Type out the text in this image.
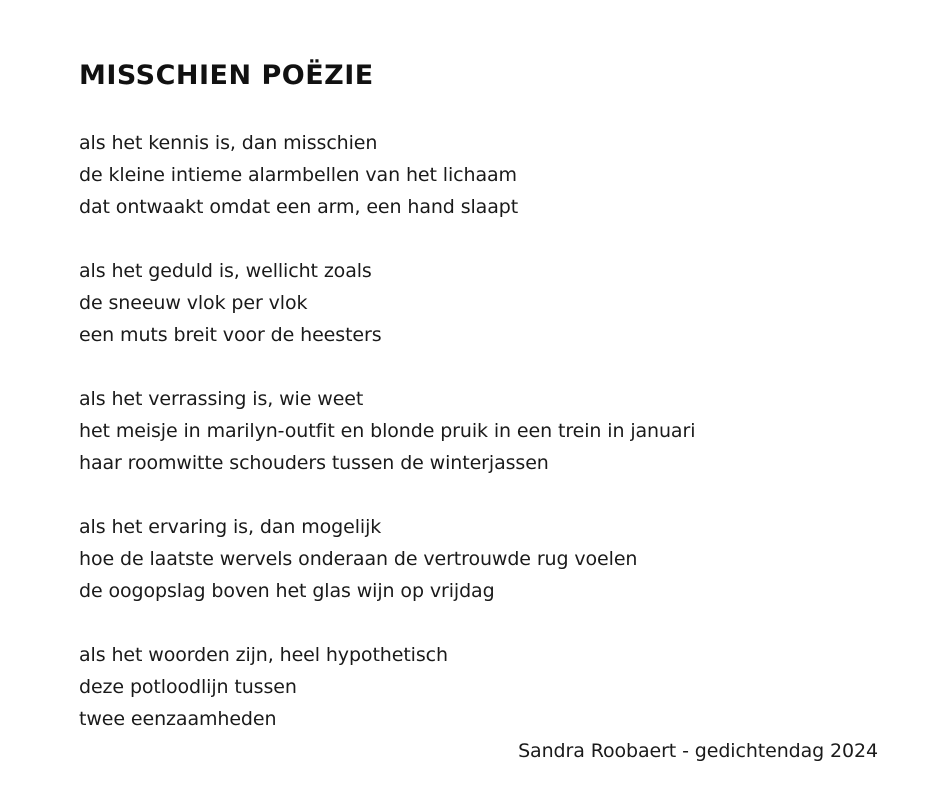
MISSCHIEN POËZIE
als het kennis is, dan misschien
de kleine intieme alarmbellen van het lichaam
dat ontwaakt omdat een arm, een hand slaapt
als het geduld is, wellicht zoals
de sneeuw vlok per vlok
een muts breit voor de heesters
als het verrassing is, wie weet
het meisje in marilyn-outfit en blonde pruik in een trein in januari
haar roomwitte schouders tussen de winterjassen
als het ervaring is, dan mogelijk
hoe de laatste wervels onderaan de vertrouwde rug voelen
de oogopslag boven het glas wijn op vrijdag
als het woorden zijn, heel hypothetisch
deze potloodlijn tussen
twee eenzaamheden
Sandra Roobaert - gedichtendag 2024
